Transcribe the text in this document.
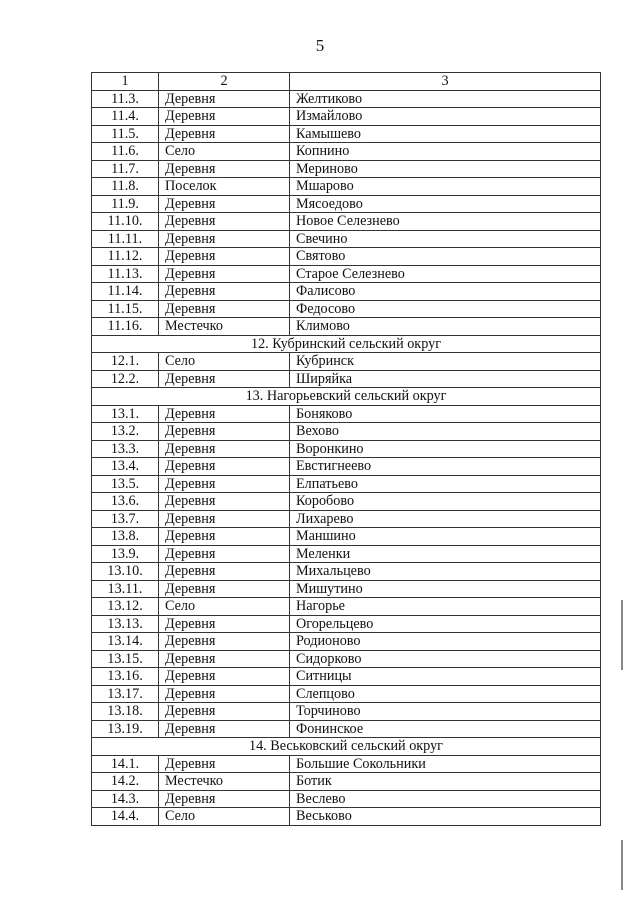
5
1	2	3
11.3.	Деревня	Желтиково
11.4.	Деревня	Измайлово
11.5.	Деревня	Камышево
11.6.	Село	Копнино
11.7.	Деревня	Мериново
11.8.	Поселок	Мшарово
11.9.	Деревня	Мясоедово
11.10.	Деревня	Новое Селезнево
11.11.	Деревня	Свечино
11.12.	Деревня	Святово
11.13.	Деревня	Старое Селезнево
11.14.	Деревня	Фалисово
11.15.	Деревня	Федосово
11.16.	Местечко	Климово
12. Кубринский сельский округ		
12.1.	Село	Кубринск
12.2.	Деревня	Ширяйка
13. Нагорьевский сельский округ		
13.1.	Деревня	Боняково
13.2.	Деревня	Вехово
13.3.	Деревня	Воронкино
13.4.	Деревня	Евстигнеево
13.5.	Деревня	Елпатьево
13.6.	Деревня	Коробово
13.7.	Деревня	Лихарево
13.8.	Деревня	Маншино
13.9.	Деревня	Меленки
13.10.	Деревня	Михальцево
13.11.	Деревня	Мишутино
13.12.	Село	Нагорье
13.13.	Деревня	Огорельцево
13.14.	Деревня	Родионово
13.15.	Деревня	Сидорково
13.16.	Деревня	Ситницы
13.17.	Деревня	Слепцово
13.18.	Деревня	Торчиново
13.19.	Деревня	Фонинское
14. Веськовский сельский округ		
14.1.	Деревня	Большие Сокольники
14.2.	Местечко	Ботик
14.3.	Деревня	Веслево
14.4.	Село	Веськово
